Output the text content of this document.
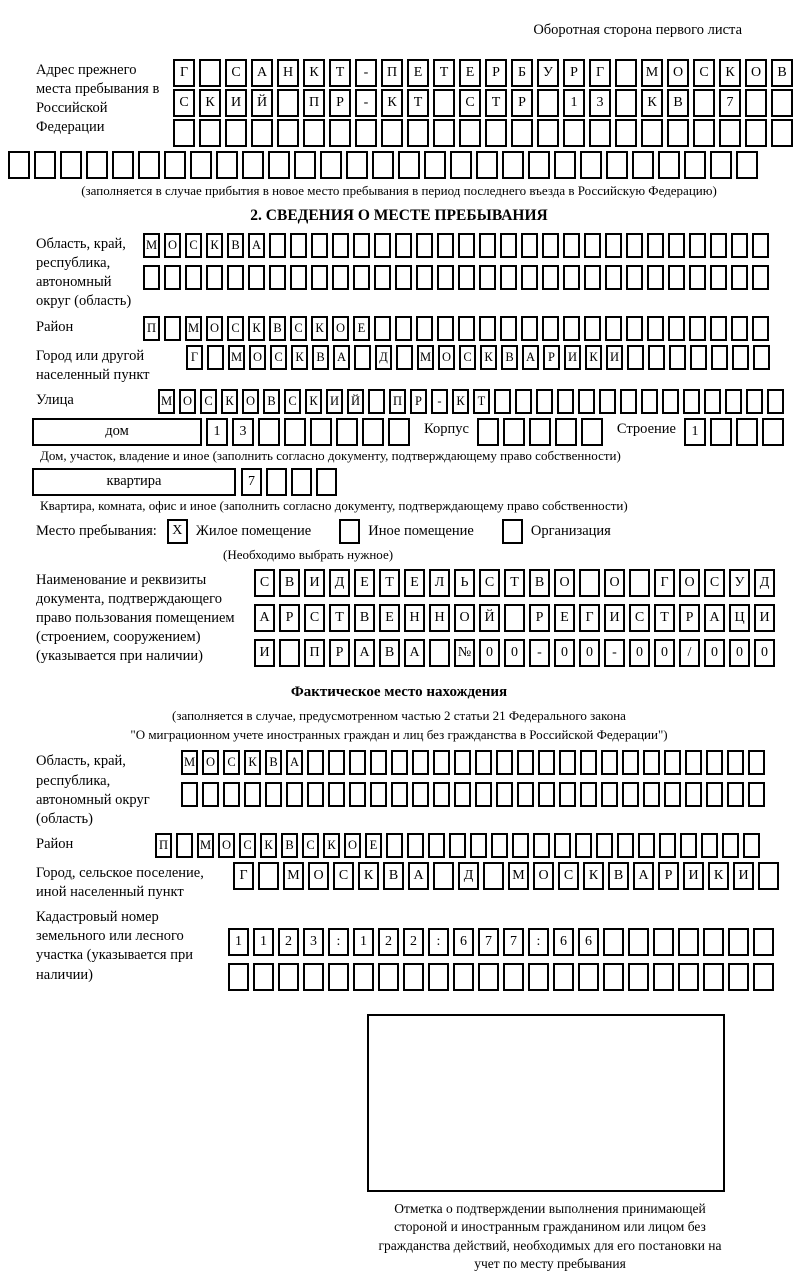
Оборотная сторона первого листа
Адрес прежнего места пребывания в Российской Федерации
Г	С	А	Н	К	Т	-	П	Е	Т	Е	Р	Б	У	Р	Г	М	О	С	К	О	В
С	К	И	Й	П	Р	-	К	Т	С	Т	Р	1	3	К	В	7
(заполняется в случае прибытия в новое место пребывания в период последнего въезда в Российскую Федерацию)
2. СВЕДЕНИЯ О МЕСТЕ ПРЕБЫВАНИЯ
Область, край, республика, автономный округ (область)
М О С	К	В А
Район	П	М О С	К	В	С	К О	Е
Город или другой населенный пункт
Г	М О С	К	В А	Д	М О С	К	В А	Р	И К И
Улица	М О С	К О В	С	К И Й	П	Р	-	К	Т
дом	1	3	Корпус	Строение	1
Дом, участок, владение и иное (заполнить согласно документу, подтверждающему право собственности)
квартира	7
Квартира, комната, офис и иное (заполнить согласно документу, подтверждающему право собственности)
Место пребывания:	X Жилое помещение	Иное помещение	Организация
(Необходимо выбрать нужное)
Наименование и реквизиты документа, подтверждающего право пользования помещением (строением, сооружением) (указывается при наличии)
С	В	И	Д	Е	Т	Е	Л	Ь	С	Т	В	О	О	Г	О	С	У	Д
А	Р	С	Т	В	Е	Н	Н	О	Й	Р	Е	Г	И	С	Т	Р	А	Ц	И
И	П	Р	А	В	А	№	0	0	-	0	0	-	0	0	/	0	0	0
Фактическое место нахождения
(заполняется в случае, предусмотренном частью 2 статьи 21 Федерального закона
"О миграционном учете иностранных граждан и лиц без гражданства в Российской Федерации")
Область, край, республика, автономный округ (область)
М О С	К	В А
Район	П	М О С	К	В	С	К О	Е
Город, сельское поселение, иной населенный пункт
Г	М О	С	К	В	А	Д	М О	С	К	В	А	Р	И	К	И
Кадастровый номер земельного или лесного участка (указывается при наличии)
1	1	2	3	:	1	2	2	:	6	7	7	:	6	6
Отметка о подтверждении выполнения принимающей стороной и иностранным гражданином или лицом без гражданства действий, необходимых для его постановки на учет по месту пребывания
